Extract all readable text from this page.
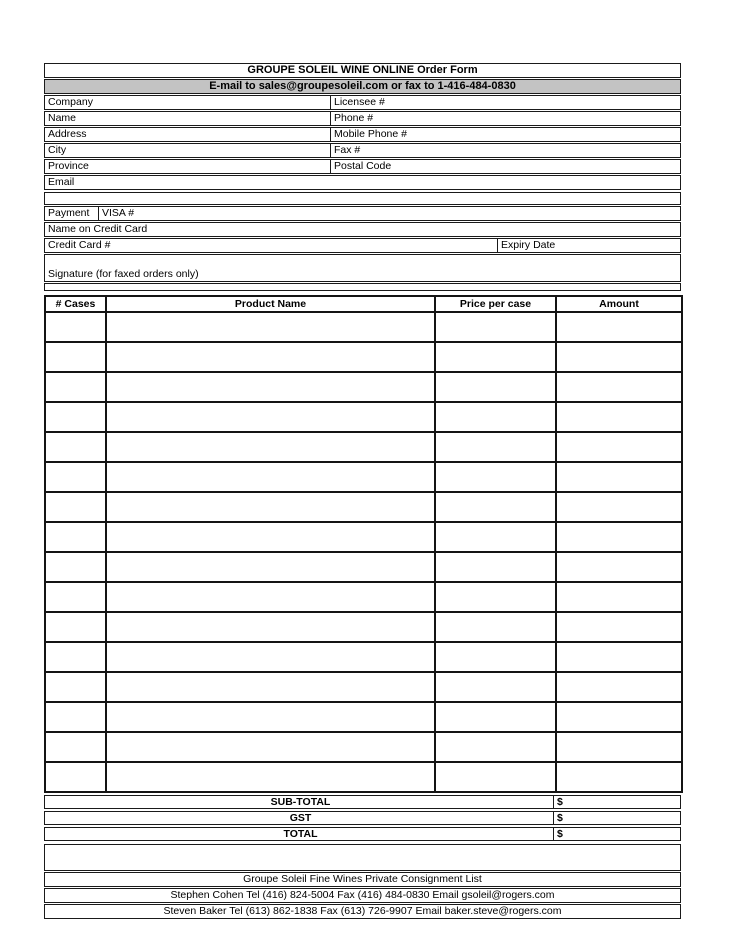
GROUPE SOLEIL WINE ONLINE Order Form
E-mail to sales@groupesoleil.com or fax to 1-416-484-0830
Company	Licensee #
Name	Phone #
Address	Mobile Phone #
City	Fax #
Province	Postal Code
Email
Payment VISA #
Name on Credit Card
Credit Card #	Expiry Date
Signature (for faxed orders only)
# Cases	Product Name	Price per case	Amount

SUB-TOTAL	$
GST	$
TOTAL	$
Groupe Soleil Fine Wines Private Consignment List
Stephen Cohen Tel (416) 824-5004 Fax (416) 484-0830 Email gsoleil@rogers.com
Steven Baker Tel (613) 862-1838 Fax (613) 726-9907 Email baker.steve@rogers.com
